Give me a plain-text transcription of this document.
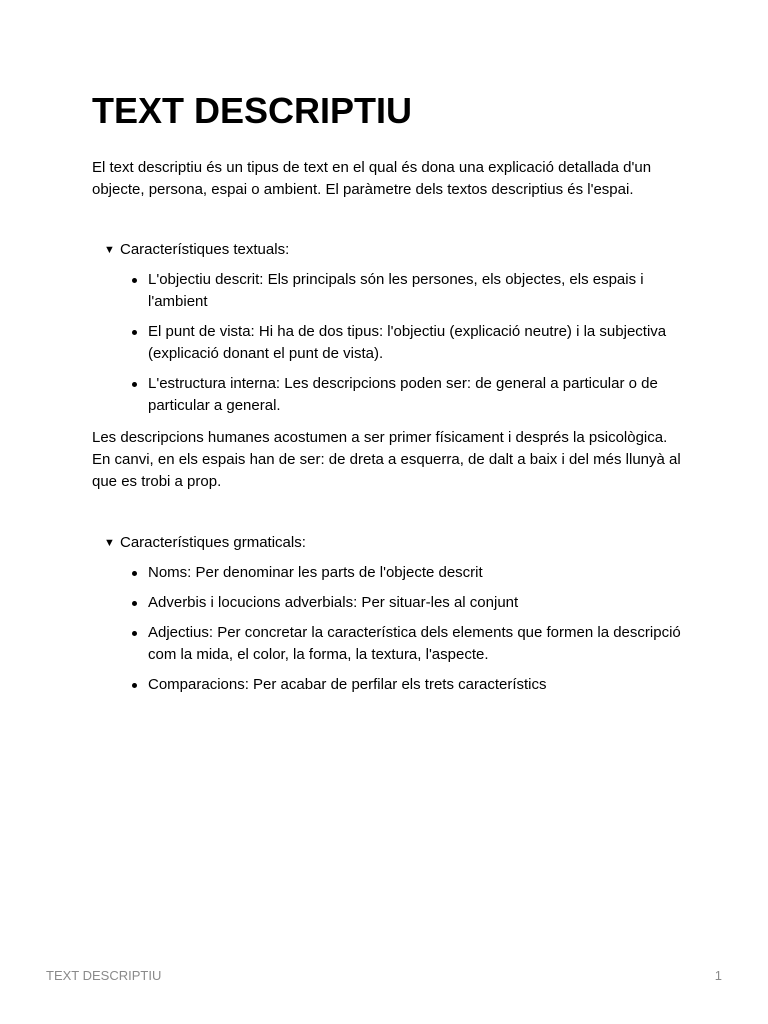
TEXT DESCRIPTIU

El text descriptiu és un tipus de text en el qual és dona una explicació detallada d'un objecte, persona, espai o ambient. El paràmetre dels textos descriptius és l'espai.

▼ Característiques textuals:
L'objectiu descrit: Els principals són les persones, els objectes, els espais i l'ambient
El punt de vista: Hi ha de dos tipus: l'objectiu (explicació neutre) i la subjectiva (explicació donant el punt de vista).
L'estructura interna: Les descripcions poden ser: de general a particular o de particular a general.

Les descripcions humanes acostumen a ser primer físicament i després la psicològica. En canvi, en els espais han de ser: de dreta a esquerra, de dalt a baix i del més llunyà al que es trobi a prop.

▼ Característiques grmaticals:
Noms: Per denominar les parts de l'objecte descrit
Adverbis i locucions adverbials: Per situar-les al conjunt
Adjectius: Per concretar la característica dels elements que formen la descripció com la mida, el color, la forma, la textura, l'aspecte.
Comparacions: Per acabar de perfilar els trets característics
TEXT DESCRIPTIU	1
